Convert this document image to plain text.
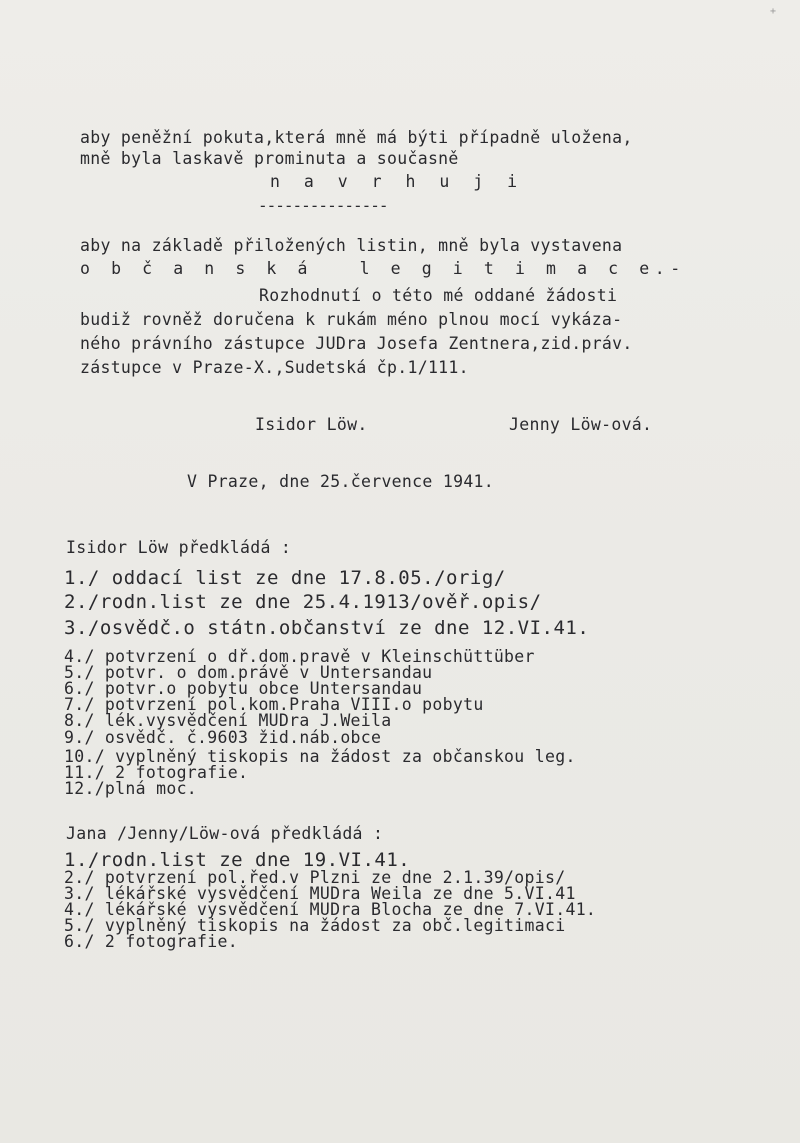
+
aby peněžní pokuta,která mně má býti případně uložena,
mně byla laskavě prominuta a současně
n a v r h u j i
---------------
aby na základě přiložených listin, mně byla vystavena
o b č a n s k á   l e g i t i m a c e.-
Rozhodnutí o této mé oddané žádosti
budiž rovněž doručena k rukám méno plnou mocí vykáza-
ného právního zástupce JUDra Josefa Zentnera,zid.práv.
zástupce v Praze-X.,Sudetská čp.1/111.
Isidor Löw.	Jenny Löw-ová.
V Praze, dne 25.července 1941.
Isidor Löw předkládá :
1./ oddací list ze dne 17.8.05./orig/
2./rodn.list ze dne 25.4.1913/ověř.opis/
3./osvědč.o státn.občanství ze dne 12.VI.41.
4./ potvrzení o dř.dom.pravě v Kleinschüttüber
5./ potvr. o dom.právě v Untersandau
6./ potvr.o pobytu obce Untersandau
7./ potvrzení pol.kom.Praha VIII.o pobytu
8./ lék.vysvědčení MUDra J.Weila
9./ osvědč. č.9603 žid.náb.obce
10./ vyplněný tiskopis na žádost za občanskou leg.
11./ 2 fotografie.
12./plná moc.
Jana /Jenny/Löw-ová předkládá :
1./rodn.list ze dne 19.VI.41.
2./ potvrzení pol.řed.v Plzni ze dne 2.1.39/opis/
3./ lékářské vysvědčení MUDra Weila ze dne 5.VI.41
4./ lékářské vysvědčení MUDra Blocha ze dne 7.VI.41.
5./ vyplněný tiskopis na žádost za obč.legitimaci
6./ 2 fotografie.
